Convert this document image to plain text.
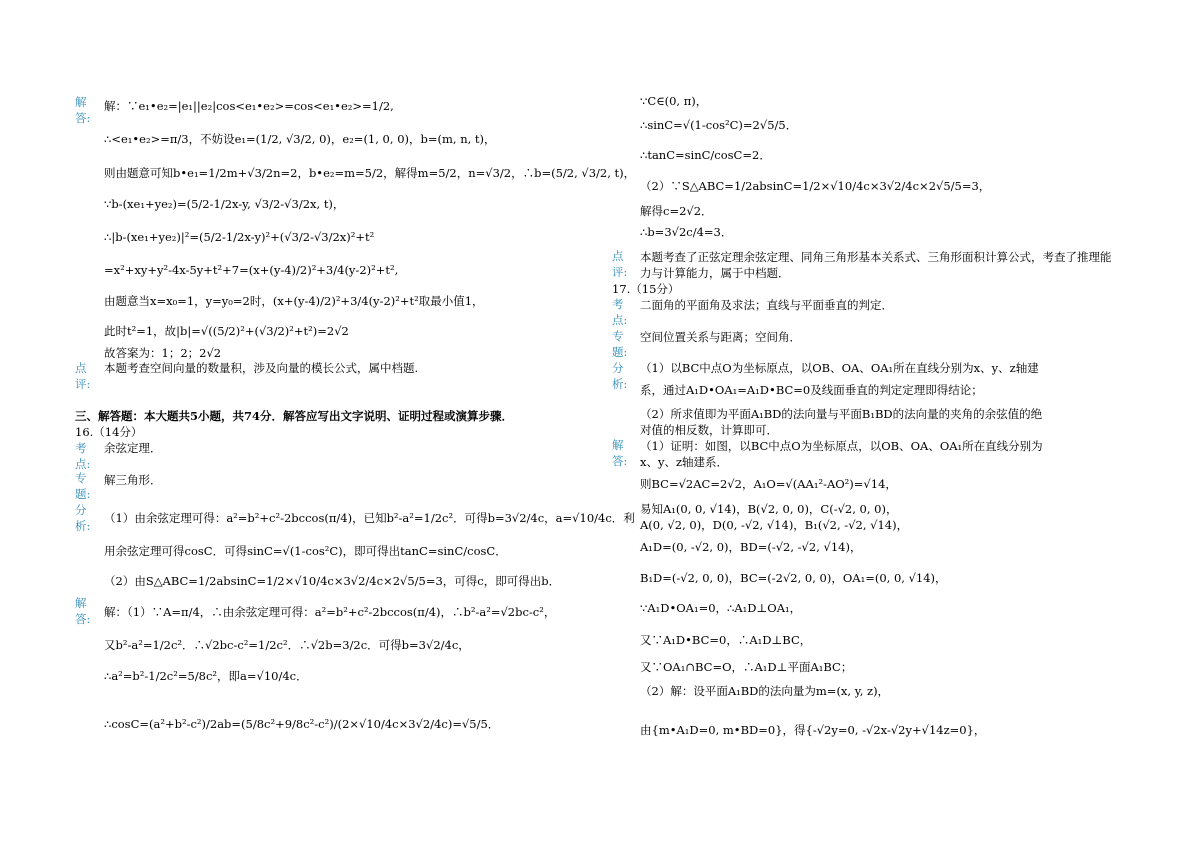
解
答:
点
评:
考
点:
专
题:
分
析:
解
答:
解：∵e₁•e₂=|e₁||e₂|cos<e₁•e₂>=cos<e₁•e₂>=1/2,
∴<e₁•e₂>=π/3，不妨设e₁=(1/2, √3/2, 0)，e₂=(1, 0, 0)，b=(m, n, t)，
则由题意可知b•e₁=1/2m+√3/2n=2，b•e₂=m=5/2，解得m=5/2，n=√3/2，∴b=(5/2, √3/2, t)，
∵b-(xe₁+ye₂)=(5/2-1/2x-y, √3/2-√3/2x, t)，
∴|b-(xe₁+ye₂)|²=(5/2-1/2x-y)²+(√3/2-√3/2x)²+t²
=x²+xy+y²-4x-5y+t²+7=(x+(y-4)/2)²+3/4(y-2)²+t²,
由题意当x=x₀=1，y=y₀=2时，(x+(y-4)/2)²+3/4(y-2)²+t²取最小值1，
此时t²=1，故|b|=√((5/2)²+(√3/2)²+t²)=2√2
故答案为：1；2；2√2
本题考查空间向量的数量积，涉及向量的模长公式，属中档题.
三、解答题：本大题共5小题，共74分．解答应写出文字说明、证明过程或演算步骤．
16.（14分）
余弦定理．
解三角形．
（1）由余弦定理可得：a²=b²+c²-2bccos(π/4)，已知b²-a²=1/2c²．可得b=3√2/4c，a=√10/4c．利
用余弦定理可得cosC．可得sinC=√(1-cos²C)，即可得出tanC=sinC/cosC．
（2）由S△ABC=1/2absinC=1/2×√10/4c×3√2/4c×2√5/5=3，可得c，即可得出b．
解：（1）∵A=π/4，∴由余弦定理可得：a²=b²+c²-2bccos(π/4)，∴b²-a²=√2bc-c²，
又b²-a²=1/2c²．∴√2bc-c²=1/2c²．∴√2b=3/2c．可得b=3√2/4c，
∴a²=b²-1/2c²=5/8c²，即a=√10/4c．
∴cosC=(a²+b²-c²)/2ab=(5/8c²+9/8c²-c²)/(2×√10/4c×3√2/4c)=√5/5．
点
评:
考
点:
专
题:
分
析:
解
答:
∵C∈(0, π)，
∴sinC=√(1-cos²C)=2√5/5．
∴tanC=sinC/cosC=2．
（2）∵S△ABC=1/2absinC=1/2×√10/4c×3√2/4c×2√5/5=3，
解得c=2√2．
∴b=3√2c/4=3．
本题考查了正弦定理余弦定理、同角三角形基本关系式、三角形面积计算公式，考查了推理能
力与计算能力，属于中档题．
17.（15分）
二面角的平面角及求法；直线与平面垂直的判定．
空间位置关系与距离；空间角．
（1）以BC中点O为坐标原点，以OB、OA、OA₁所在直线分别为x、y、z轴建
系，通过A₁D•OA₁=A₁D•BC=0及线面垂直的判定定理即得结论；
（2）所求值即为平面A₁BD的法向量与平面B₁BD的法向量的夹角的余弦值的绝
对值的相反数，计算即可．
（1）证明：如图，以BC中点O为坐标原点，以OB、OA、OA₁所在直线分别为
x、y、z轴建系．
则BC=√2AC=2√2，A₁O=√(AA₁²-AO²)=√14，
易知A₁(0, 0, √14)，B(√2, 0, 0)，C(-√2, 0, 0)，
A(0, √2, 0)，D(0, -√2, √14)，B₁(√2, -√2, √14)，
A₁D=(0, -√2, 0)，BD=(-√2, -√2, √14)，
B₁D=(-√2, 0, 0)，BC=(-2√2, 0, 0)，OA₁=(0, 0, √14)，
∵A₁D•OA₁=0，∴A₁D⊥OA₁，
又∵A₁D•BC=0，∴A₁D⊥BC，
又∵OA₁∩BC=O，∴A₁D⊥平面A₁BC；
（2）解：设平面A₁BD的法向量为m=(x, y, z)，
由{m•A₁D=0, m•BD=0}，得{-√2y=0, -√2x-√2y+√14z=0}，
